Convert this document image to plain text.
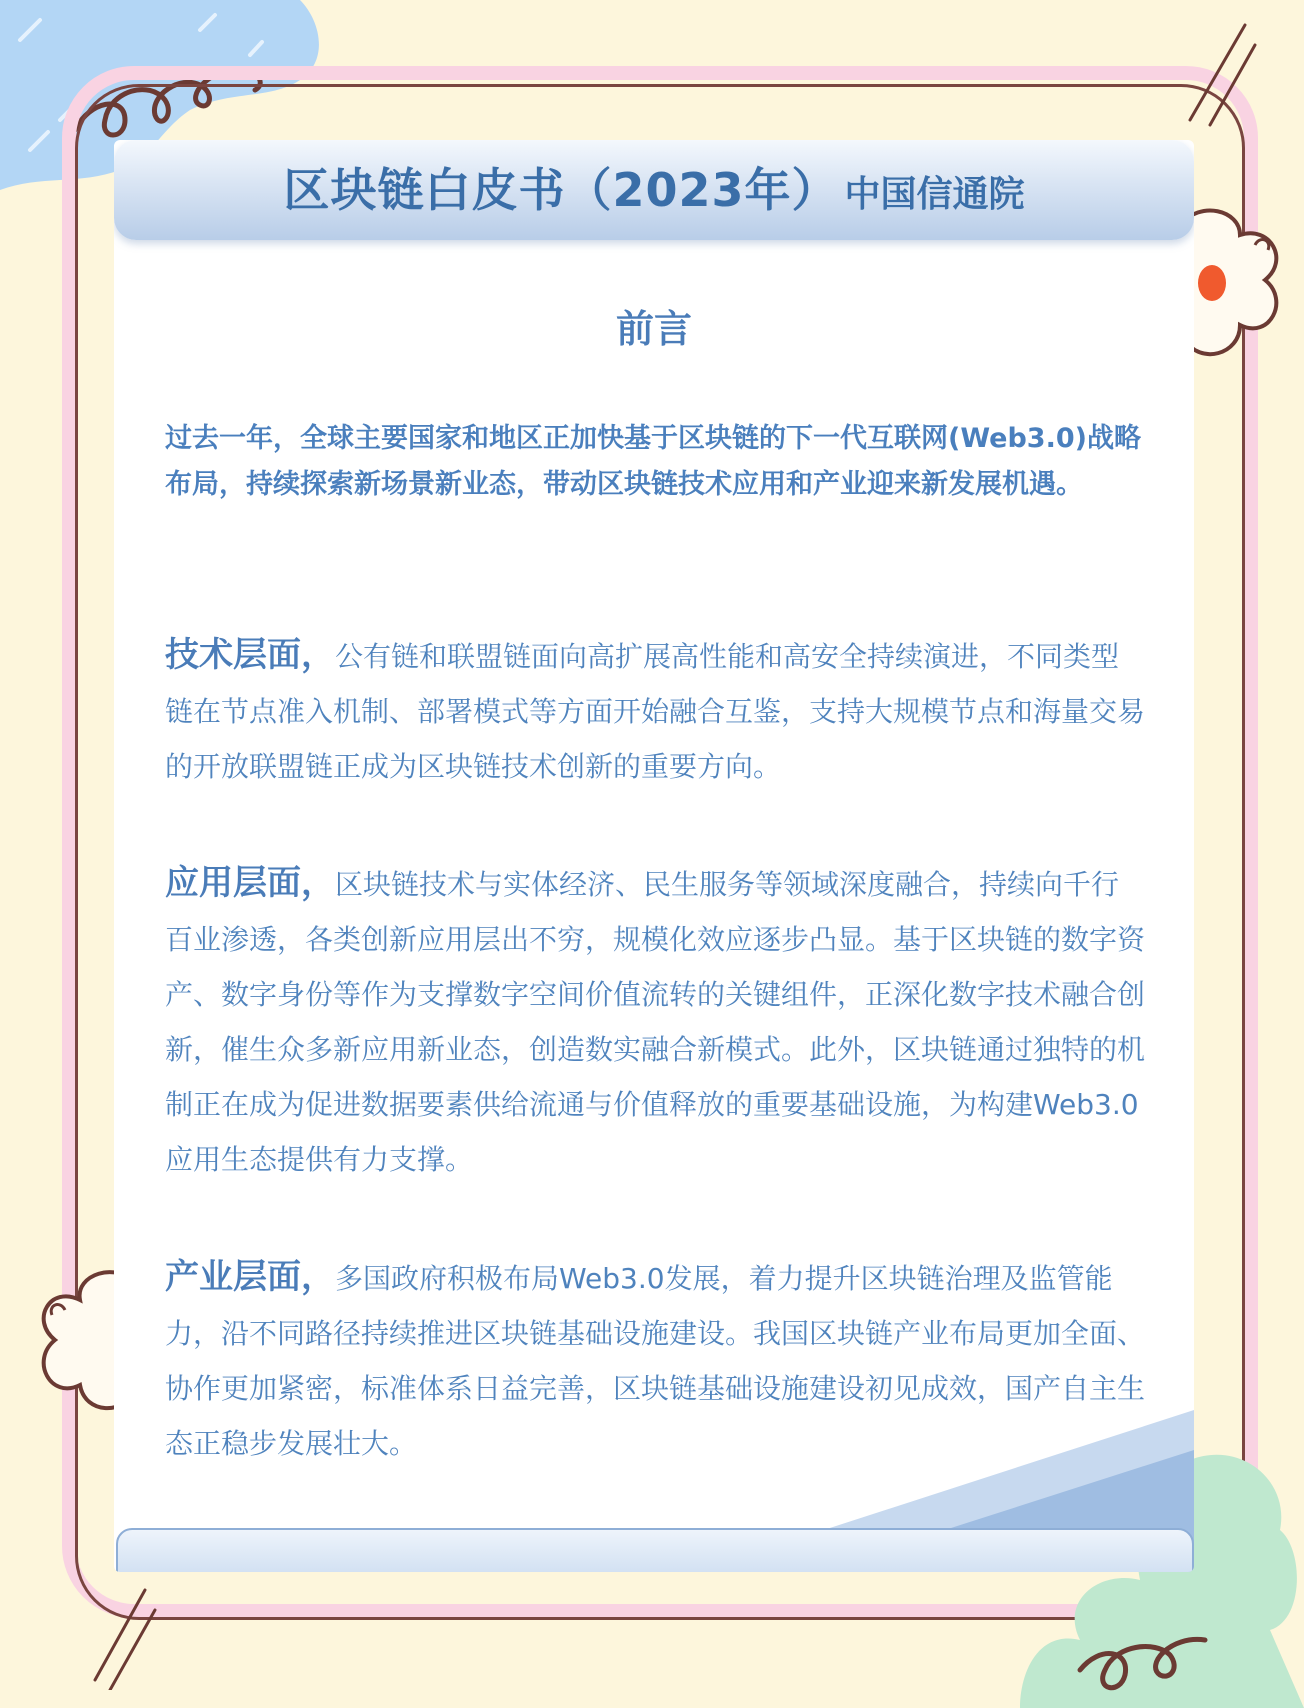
区块链白皮书（2023年） 中国信通院
前言
过去一年，全球主要国家和地区正加快基于区块链的下一代互联网(Web3.0)战略布局，持续探索新场景新业态，带动区块链技术应用和产业迎来新发展机遇。
技术层面，公有链和联盟链面向高扩展高性能和高安全持续演进，不同类型链在节点准入机制、部署模式等方面开始融合互鉴，支持大规模节点和海量交易的开放联盟链正成为区块链技术创新的重要方向。
应用层面，区块链技术与实体经济、民生服务等领域深度融合，持续向千行百业渗透，各类创新应用层出不穷，规模化效应逐步凸显。基于区块链的数字资产、数字身份等作为支撑数字空间价值流转的关键组件，正深化数字技术融合创新，催生众多新应用新业态，创造数实融合新模式。此外，区块链通过独特的机制正在成为促进数据要素供给流通与价值释放的重要基础设施，为构建Web3.0应用生态提供有力支撑。
产业层面，多国政府积极布局Web3.0发展，着力提升区块链治理及监管能力，沿不同路径持续推进区块链基础设施建设。我国区块链产业布局更加全面、协作更加紧密，标准体系日益完善，区块链基础设施建设初见成效，国产自主生态正稳步发展壮大。
